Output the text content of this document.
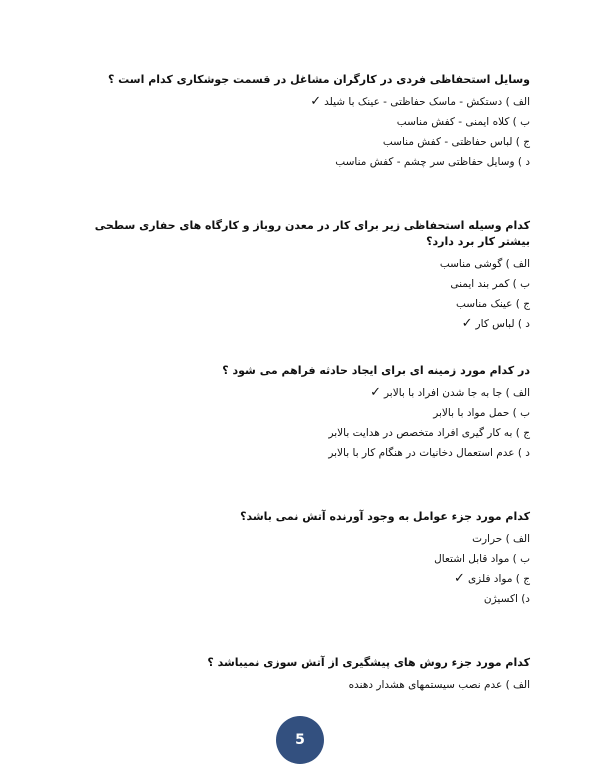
وسایل استحفاظی فردی در کارگران مشاغل در قسمت جوشکاری کدام است ؟
الف ) دستکش - ماسک حفاظتی - عینک با شیلد✓
ب ) کلاه ایمنی - کفش مناسب
ج ) لباس حفاظتی - کفش مناسب
د ) وسایل حفاظتی سر چشم - کفش مناسب
کدام وسیله استحفاظی زیر برای کار در معدن روباز و کارگاه های حفاری سطحی بیشتر کار برد دارد؟
الف ) گوشی مناسب
ب ) کمر بند ایمنی
ج ) عینک مناسب
د ) لباس کار✓
در کدام مورد زمینه ای برای ایجاد حادثه فراهم می شود ؟
الف ) جا به جا شدن افراد با بالابر✓
ب ) حمل مواد با بالابر
ج ) به کار گیری افراد متخصص در هدایت بالابر
د ) عدم استعمال دخانیات در هنگام کار با بالابر
کدام مورد جزء عوامل به وجود آورنده آتش نمی باشد؟
الف ) حرارت
ب ) مواد قابل اشتعال
ج ) مواد فلزی✓
د) اکسیژن
کدام مورد جزء روش های پیشگیری از آتش سوزی نمیباشد ؟
الف ) عدم نصب سیستمهای هشدار دهنده
5
